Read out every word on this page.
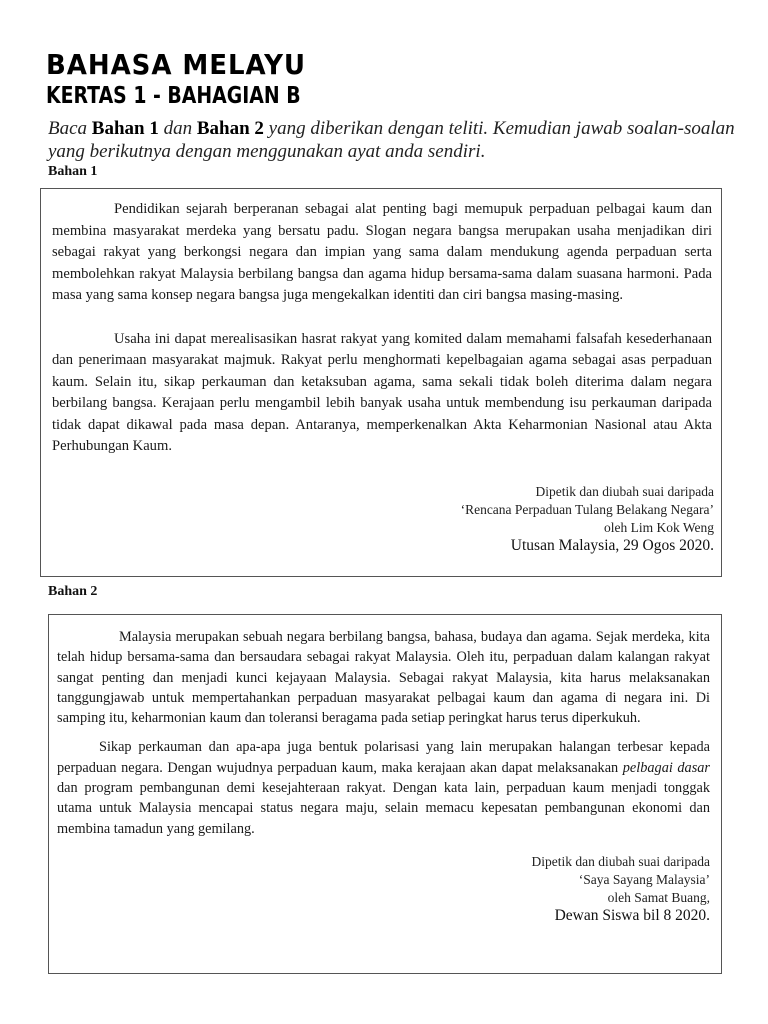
BAHASA MELAYU
KERTAS 1 - BAHAGIAN B

Baca Bahan 1 dan Bahan 2 yang diberikan dengan teliti. Kemudian jawab soalan-soalan yang berikutnya dengan menggunakan ayat anda sendiri.

Bahan 1

Pendidikan sejarah berperanan sebagai alat penting bagi memupuk perpaduan pelbagai kaum dan membina masyarakat merdeka yang bersatu padu. Slogan negara bangsa merupakan usaha menjadikan diri sebagai rakyat yang berkongsi negara dan impian yang sama dalam mendukung agenda perpaduan serta membolehkan rakyat Malaysia berbilang bangsa dan agama hidup bersama-sama dalam suasana harmoni. Pada masa yang sama konsep negara bangsa juga mengekalkan identiti dan ciri bangsa masing-masing.

Usaha ini dapat merealisasikan hasrat rakyat yang komited dalam memahami falsafah kesederhanaan dan penerimaan masyarakat majmuk. Rakyat perlu menghormati kepelbagaian agama sebagai asas perpaduan kaum. Selain itu, sikap perkauman dan ketaksuban agama, sama sekali tidak boleh diterima dalam negara berbilang bangsa. Kerajaan perlu mengambil lebih banyak usaha untuk membendung isu perkauman daripada tidak dapat dikawal pada masa depan. Antaranya, memperkenalkan Akta Keharmonian Nasional atau Akta Perhubungan Kaum.

Dipetik dan diubah suai daripada

‘Rencana Perpaduan Tulang Belakang Negara’

oleh Lim Kok Weng

Utusan Malaysia, 29 Ogos 2020.

Bahan 2

Malaysia merupakan sebuah negara berbilang bangsa, bahasa, budaya dan agama. Sejak merdeka, kita telah hidup bersama-sama dan bersaudara sebagai rakyat Malaysia. Oleh itu, perpaduan dalam kalangan rakyat sangat penting dan menjadi kunci kejayaan Malaysia. Sebagai rakyat Malaysia, kita harus melaksanakan tanggungjawab untuk mempertahankan perpaduan masyarakat pelbagai kaum dan agama di negara ini. Di samping itu, keharmonian kaum dan toleransi beragama pada setiap peringkat harus terus diperkukuh.

Sikap perkauman dan apa-apa juga bentuk polarisasi yang lain merupakan halangan terbesar kepada perpaduan negara. Dengan wujudnya perpaduan kaum, maka kerajaan akan dapat melaksanakan pelbagai dasar dan program pembangunan demi kesejahteraan rakyat. Dengan kata lain, perpaduan kaum menjadi tonggak utama untuk Malaysia mencapai status negara maju, selain memacu kepesatan pembangunan ekonomi dan membina tamadun yang gemilang.

Dipetik dan diubah suai daripada

‘Saya Sayang Malaysia’

oleh Samat Buang,

Dewan Siswa bil 8 2020.
